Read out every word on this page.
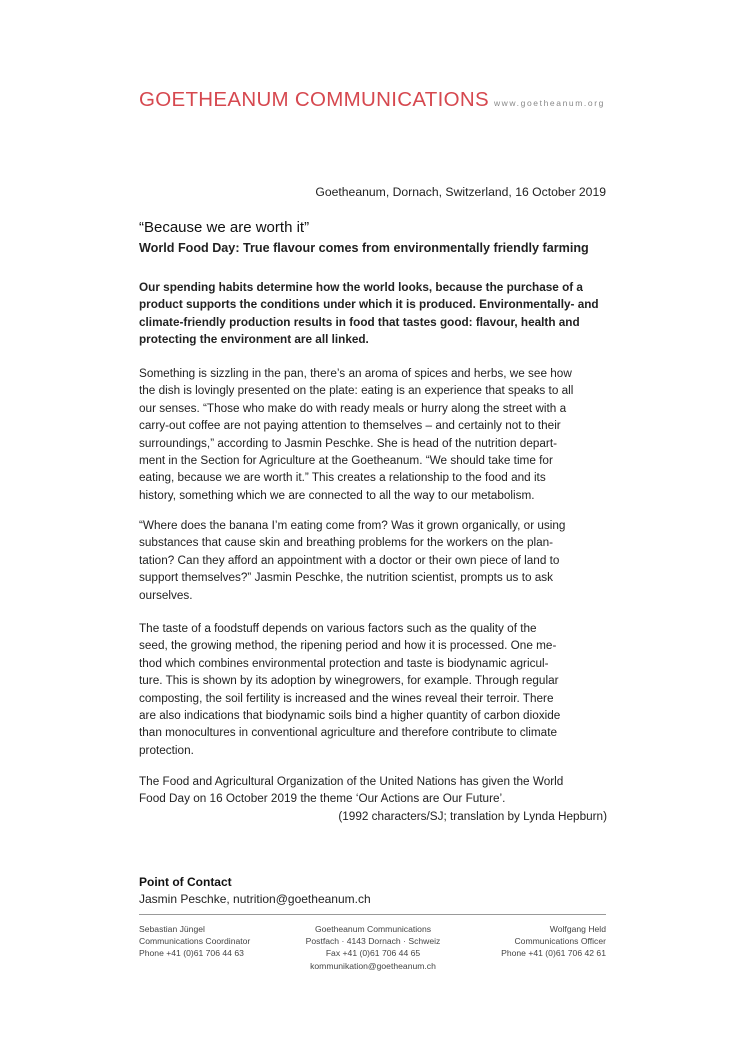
GOETHEANUM COMMUNICATIONS www.goetheanum.org
Goetheanum, Dornach, Switzerland, 16 October 2019
“Because we are worth it”
World Food Day: True flavour comes from environmentally friendly farming
Our spending habits determine how the world looks, because the purchase of a
product supports the conditions under which it is produced. Environmentally- and
climate-friendly production results in food that tastes good: flavour, health and
protecting the environment are all linked.
Something is sizzling in the pan, there’s an aroma of spices and herbs, we see how
the dish is lovingly presented on the plate: eating is an experience that speaks to all
our senses. “Those who make do with ready meals or hurry along the street with a
carry-out coffee are not paying attention to themselves – and certainly not to their
surroundings,” according to Jasmin Peschke. She is head of the nutrition depart-
ment in the Section for Agriculture at the Goetheanum. “We should take time for
eating, because we are worth it.” This creates a relationship to the food and its
history, something which we are connected to all the way to our metabolism.
“Where does the banana I’m eating come from? Was it grown organically, or using
substances that cause skin and breathing problems for the workers on the plan-
tation? Can they afford an appointment with a doctor or their own piece of land to
support themselves?” Jasmin Peschke, the nutrition scientist, prompts us to ask
ourselves.
The taste of a foodstuff depends on various factors such as the quality of the
seed, the growing method, the ripening period and how it is processed. One me-
thod which combines environmental protection and taste is biodynamic agricul-
ture. This is shown by its adoption by winegrowers, for example. Through regular
composting, the soil fertility is increased and the wines reveal their terroir. There
are also indications that biodynamic soils bind a higher quantity of carbon dioxide
than monocultures in conventional agriculture and therefore contribute to climate
protection.
The Food and Agricultural Organization of the United Nations has given the World
Food Day on 16 October 2019 the theme ‘Our Actions are Our Future’.
(1992 characters/SJ; translation by Lynda Hepburn)
Point of Contact
Jasmin Peschke, nutrition@goetheanum.ch
Sebastian Jüngel
Communications Coordinator
Phone +41 (0)61 706 44 63
Goetheanum Communications
Postfach · 4143 Dornach · Schweiz
Fax +41 (0)61 706 44 65
kommunikation@goetheanum.ch
Wolfgang Held
Communications Officer
Phone +41 (0)61 706 42 61
